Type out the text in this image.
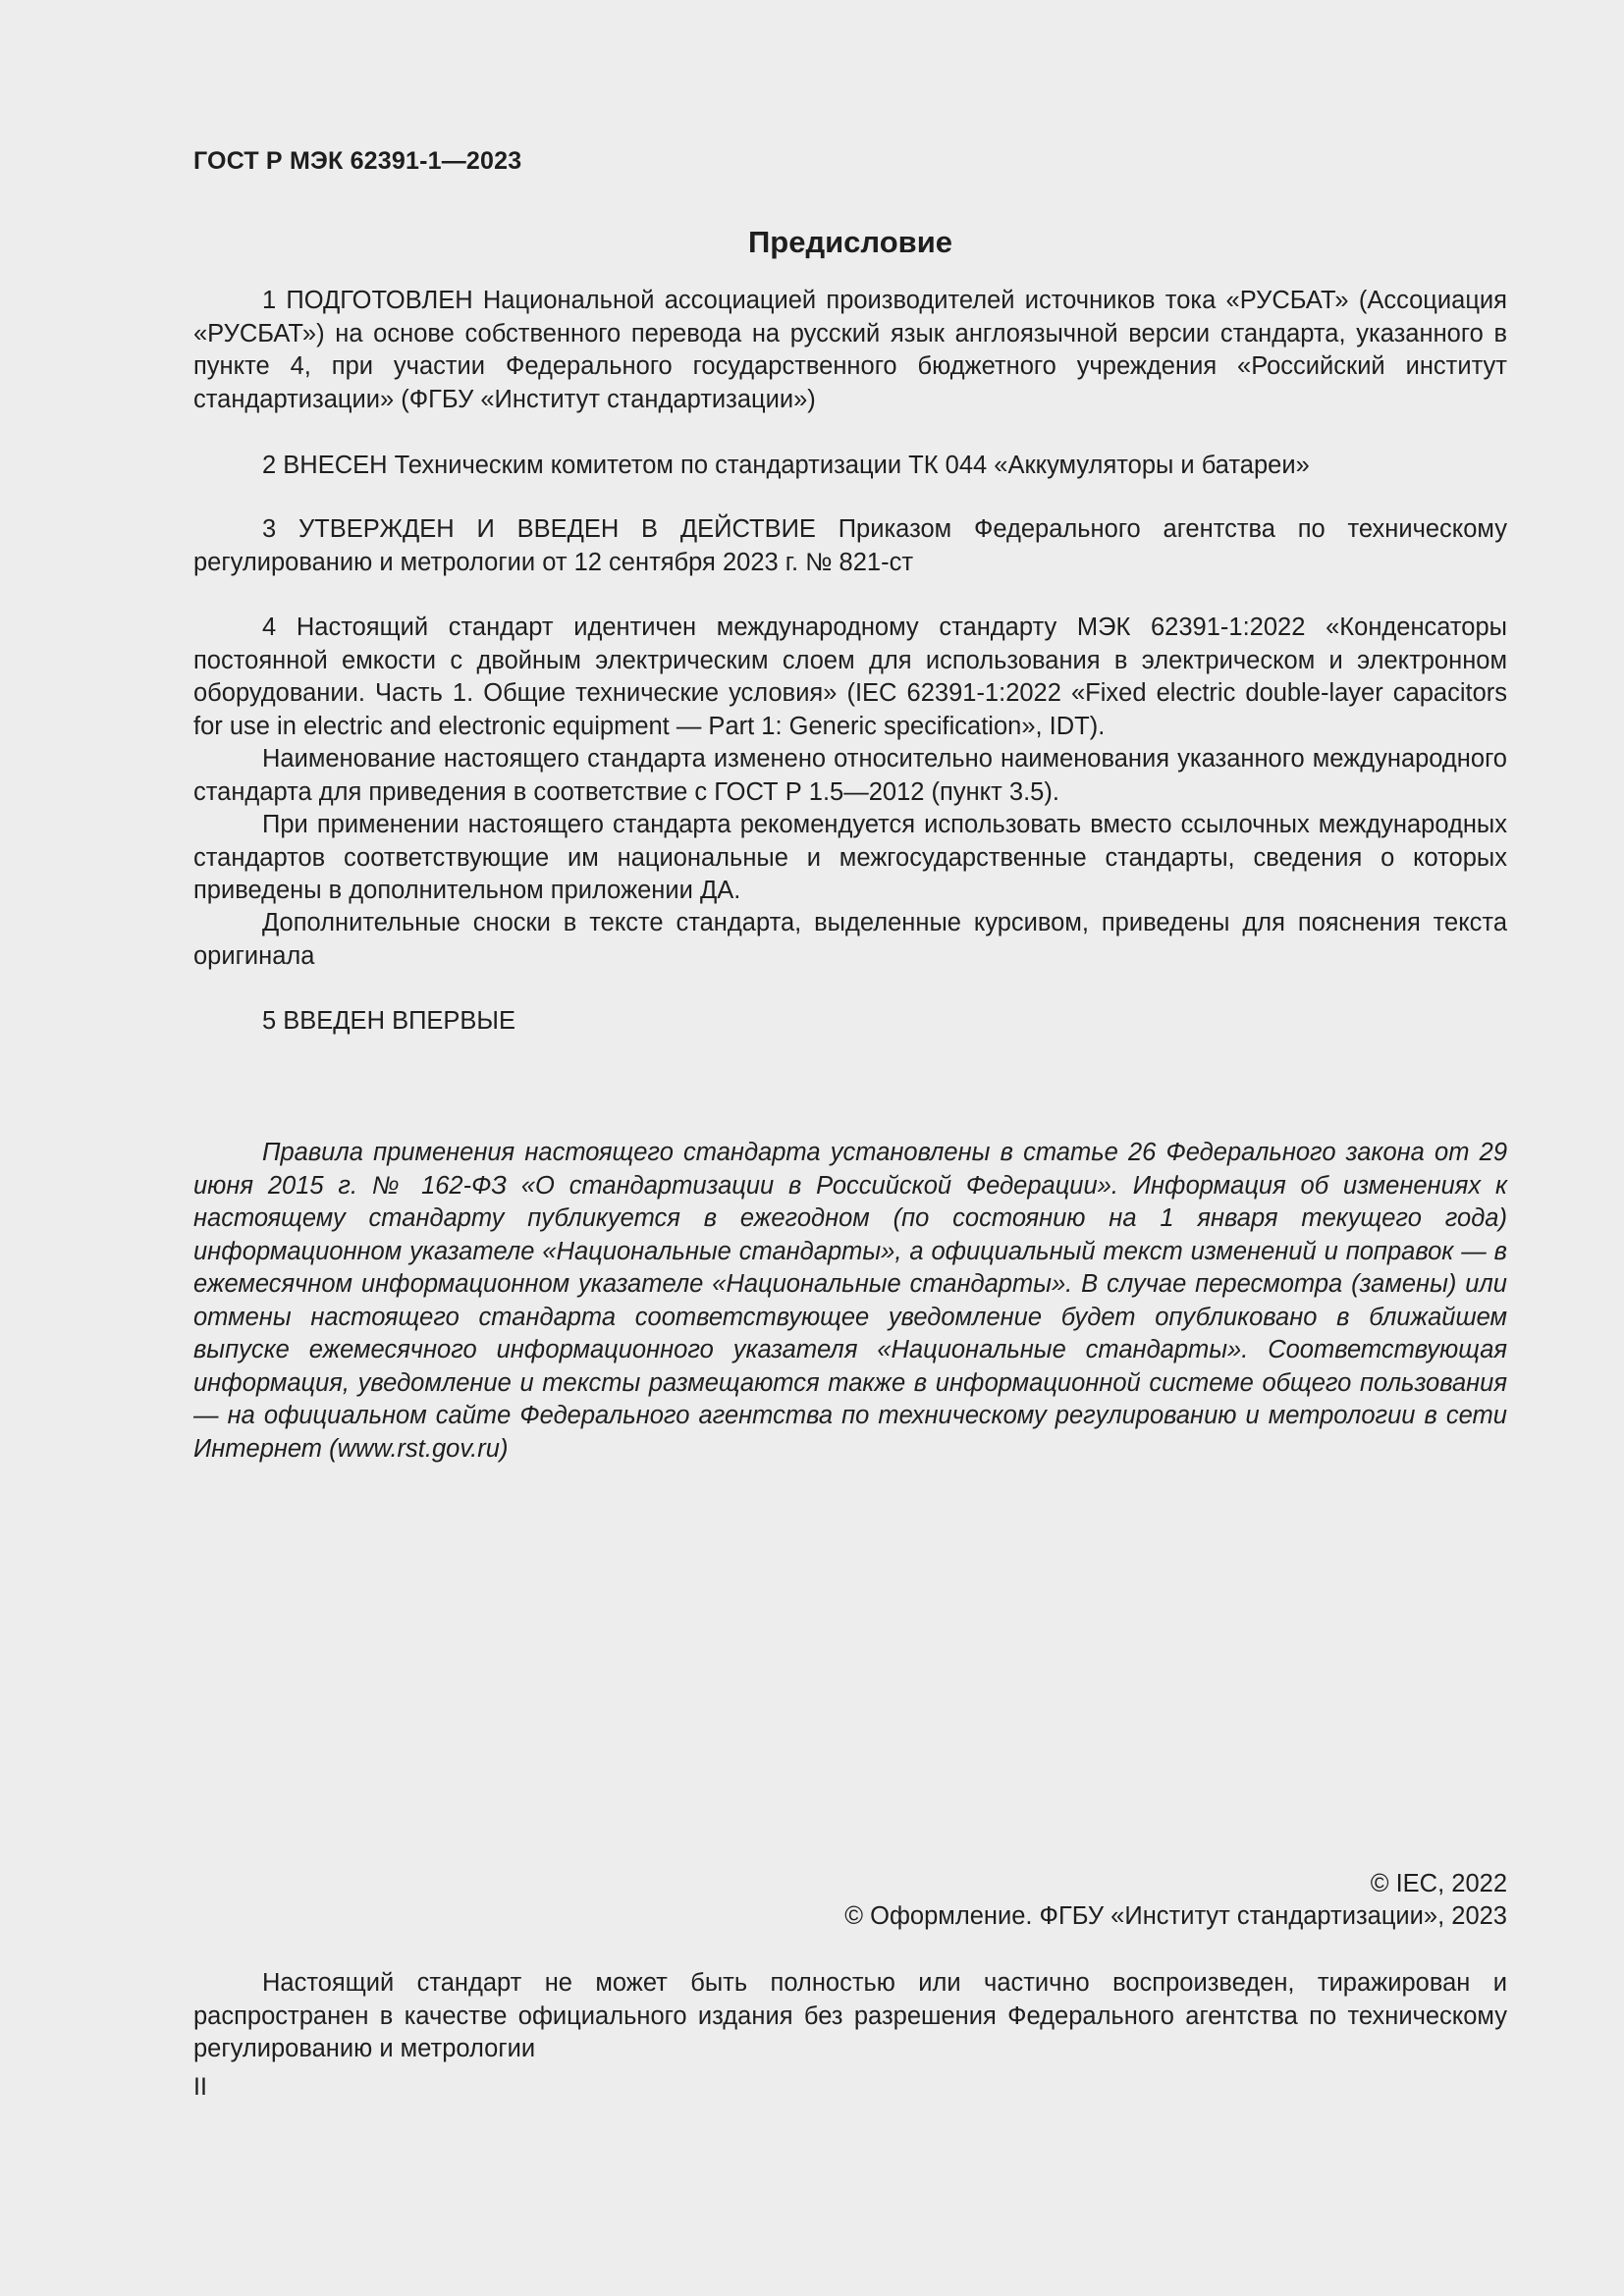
ГОСТ Р МЭК 62391-1—2023
Предисловие

1 ПОДГОТОВЛЕН Национальной ассоциацией производителей источников тока «РУСБАТ» (Ассоциация «РУСБАТ») на основе собственного перевода на русский язык англоязычной версии стандарта, указанного в пункте 4, при участии Федерального государственного бюджетного учреждения «Российский институт стандартизации» (ФГБУ «Институт стандартизации»)

2 ВНЕСЕН Техническим комитетом по стандартизации ТК 044 «Аккумуляторы и батареи»

3 УТВЕРЖДЕН И ВВЕДЕН В ДЕЙСТВИЕ Приказом Федерального агентства по техническому регулированию и метрологии от 12 сентября 2023 г. № 821-ст

4 Настоящий стандарт идентичен международному стандарту МЭК 62391-1:2022 «Конденсаторы постоянной емкости с двойным электрическим слоем для использования в электрическом и электронном оборудовании. Часть 1. Общие технические условия» (IEC 62391-1:2022 «Fixed electric double-layer capacitors for use in electric and electronic equipment — Part 1: Generic specification», IDT).

Наименование настоящего стандарта изменено относительно наименования указанного международного стандарта для приведения в соответствие с ГОСТ Р 1.5—2012 (пункт 3.5).

При применении настоящего стандарта рекомендуется использовать вместо ссылочных международных стандартов соответствующие им национальные и межгосударственные стандарты, сведения о которых приведены в дополнительном приложении ДА.

Дополнительные сноски в тексте стандарта, выделенные курсивом, приведены для пояснения текста оригинала

5 ВВЕДЕН ВПЕРВЫЕ

Правила применения настоящего стандарта установлены в статье 26 Федерального закона от 29 июня 2015 г. № 162-ФЗ «О стандартизации в Российской Федерации». Информация об изменениях к настоящему стандарту публикуется в ежегодном (по состоянию на 1 января текущего года) информационном указателе «Национальные стандарты», а официальный текст изменений и поправок — в ежемесячном информационном указателе «Национальные стандарты». В случае пересмотра (замены) или отмены настоящего стандарта соответствующее уведомление будет опубликовано в ближайшем выпуске ежемесячного информационного указателя «Национальные стандарты». Соответствующая информация, уведомление и тексты размещаются также в информационной системе общего пользования — на официальном сайте Федерального агентства по техническому регулированию и метрологии в сети Интернет (www.rst.gov.ru)

© IEC, 2022
© Оформление. ФГБУ «Институт стандартизации», 2023

Настоящий стандарт не может быть полностью или частично воспроизведен, тиражирован и распространен в качестве официального издания без разрешения Федерального агентства по техническому регулированию и метрологии

II
